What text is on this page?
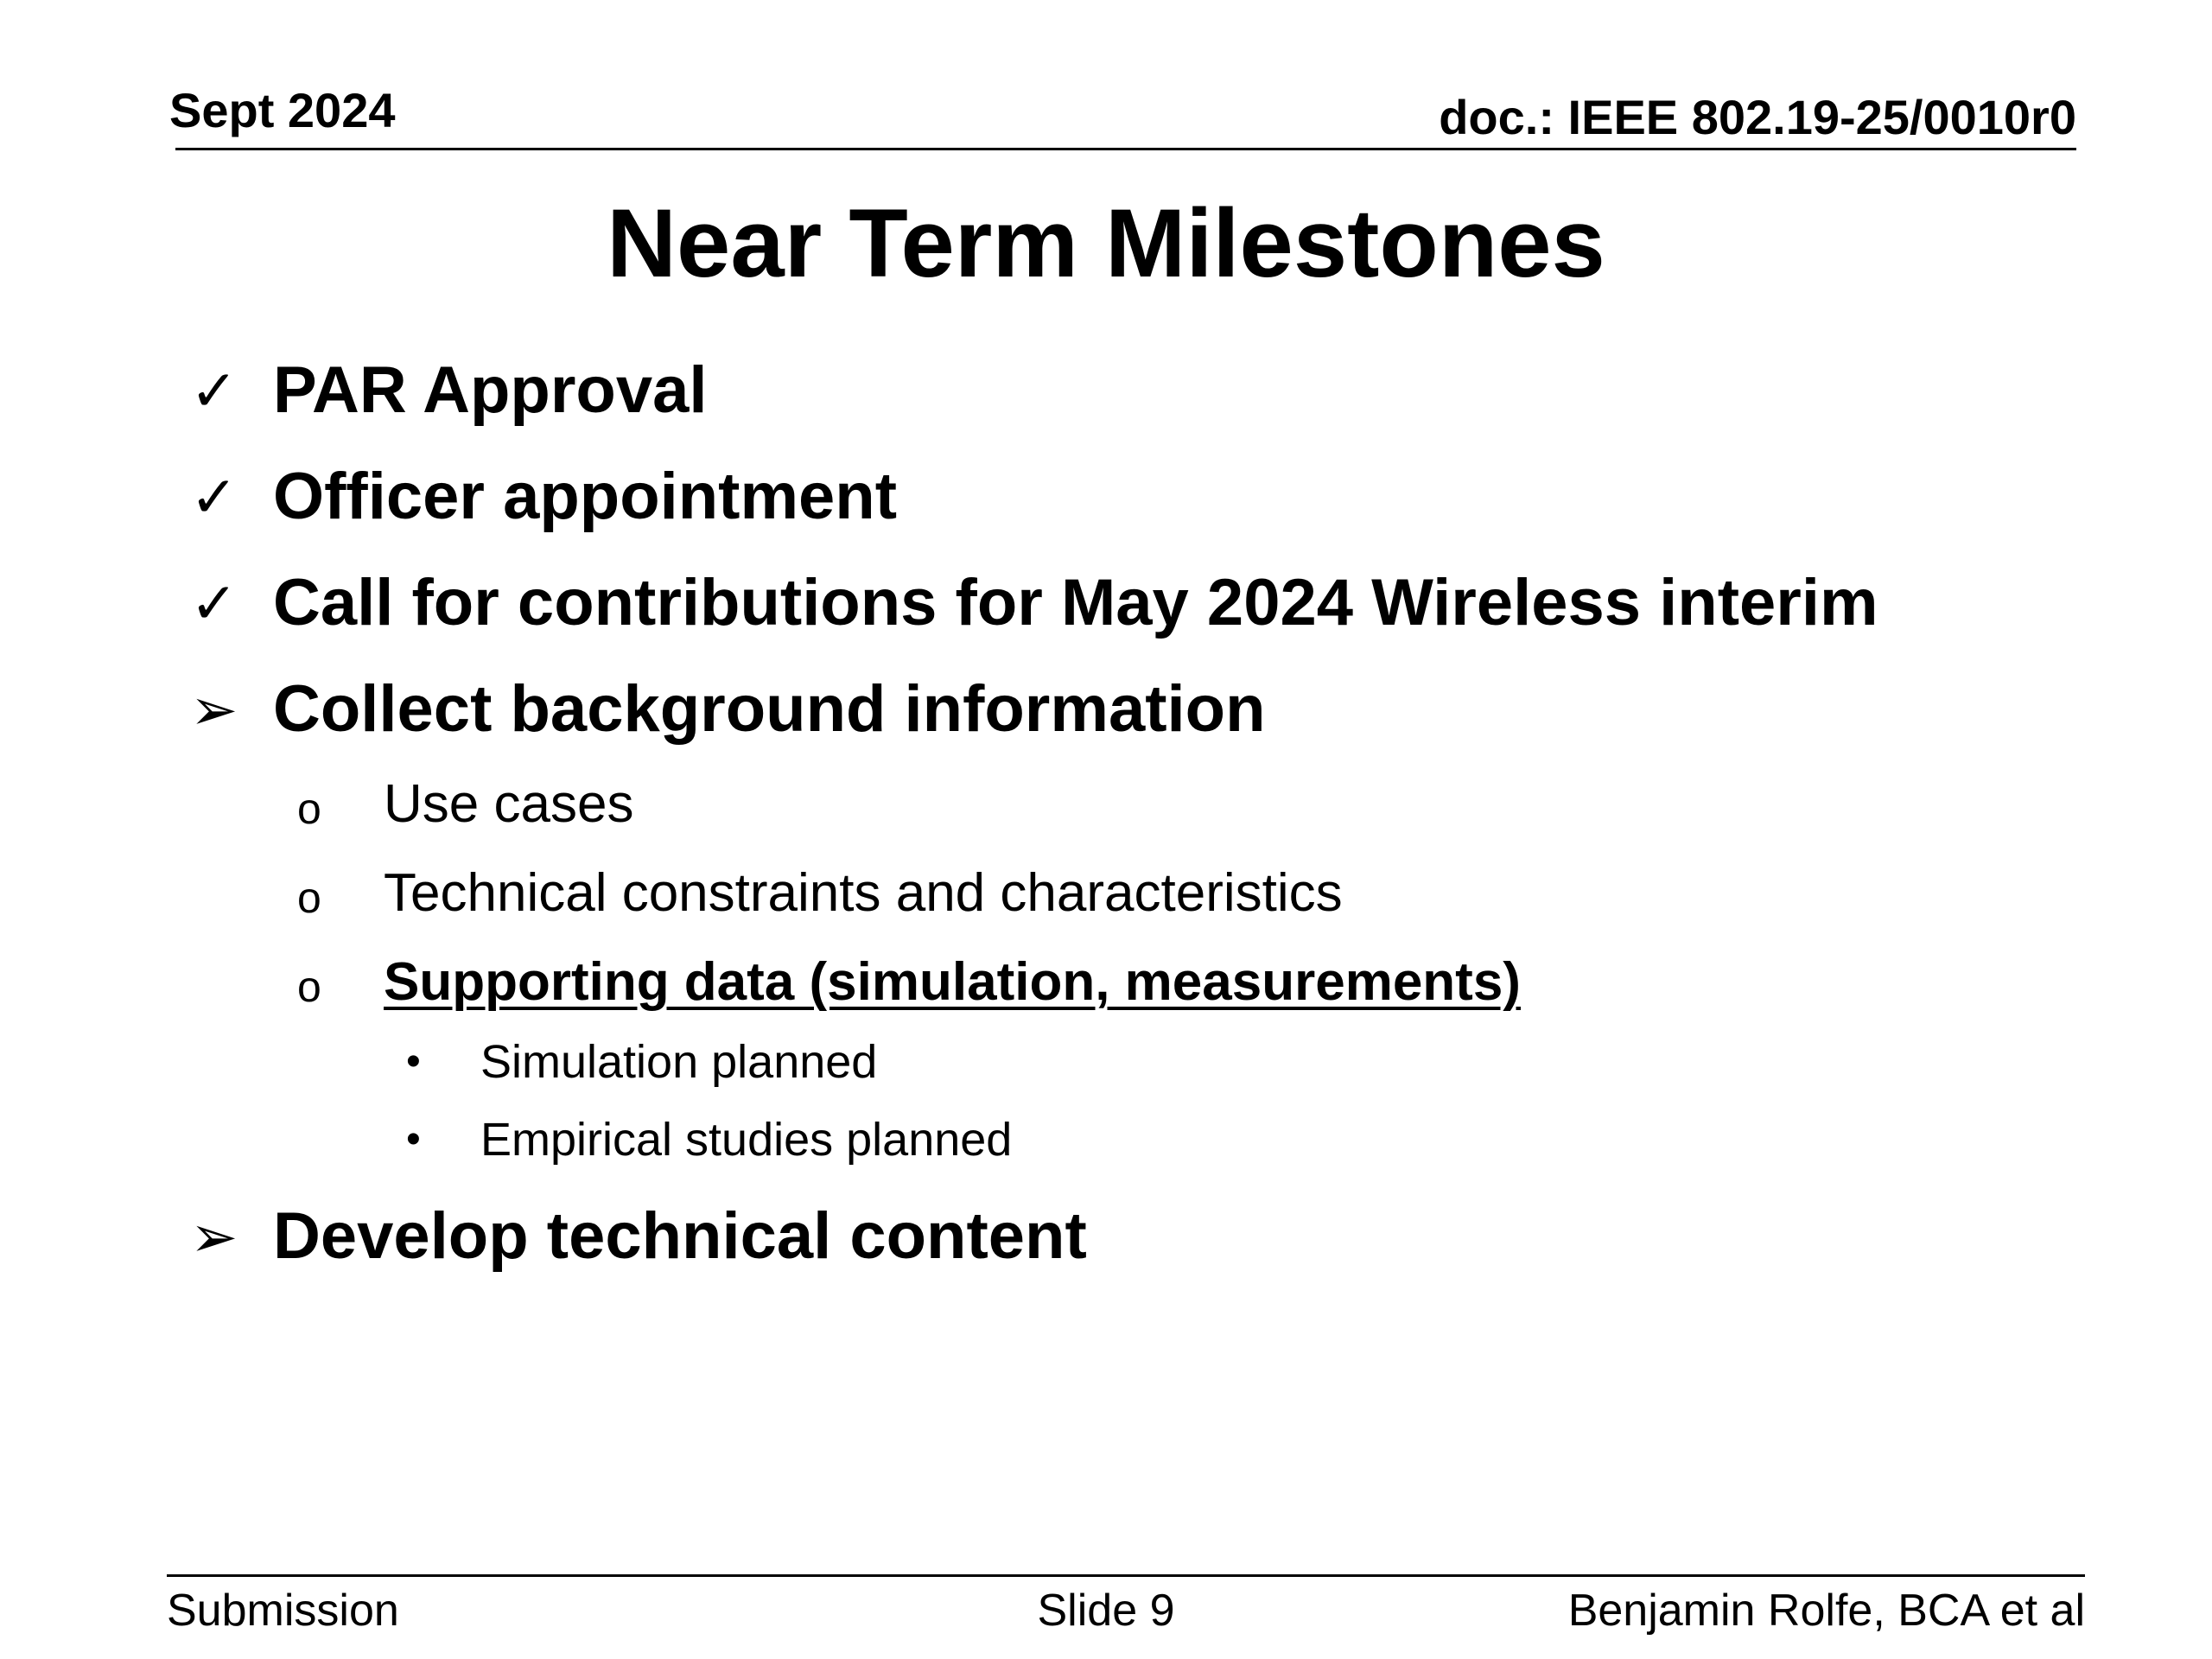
Sept 2024	doc.: IEEE 802.19-25/0010r0
Near Term Milestones
✓ PAR Approval
✓ Officer appointment
✓ Call for contributions for May 2024 Wireless interim
➢ Collect background information
o	Use cases
o	Technical constraints and characteristics
o	Supporting data (simulation, measurements)
•	Simulation planned
•	Empirical studies planned
➢ Develop technical content
Submission	Slide 9	Benjamin Rolfe, BCA et al
